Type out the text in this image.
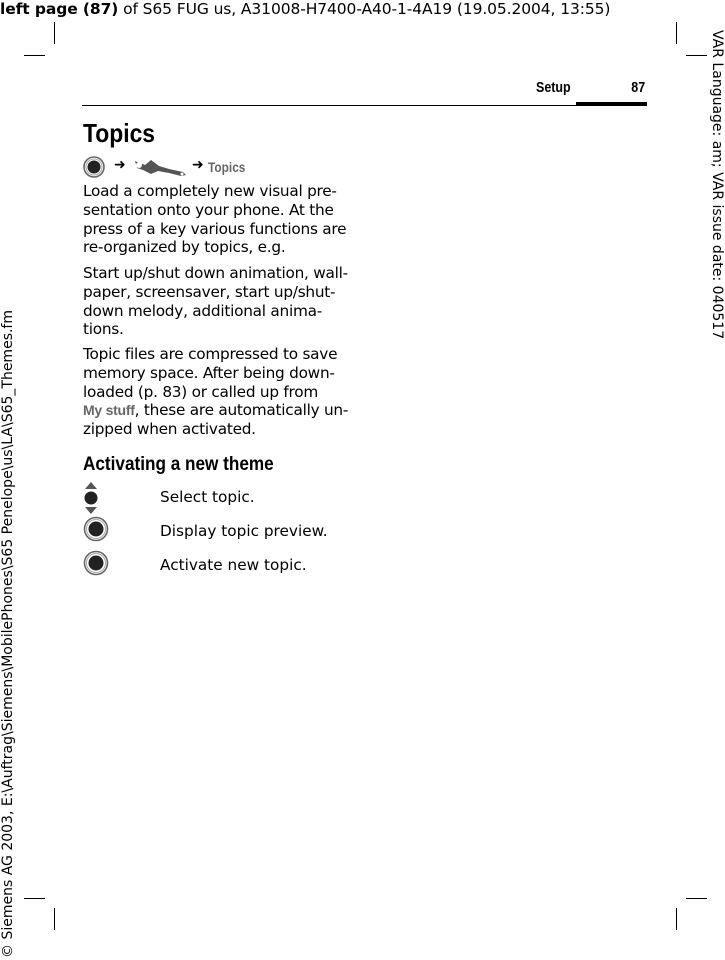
left page (87) of S65 FUG us, A31008-H7400-A40-1-4A19 (19.05.2004, 13:55)
VAR Language: am; VAR issue date: 040517
© Siemens AG 2003, E:\Auftrag\Siemens\MobilePhones\S65 Penelope\us\LA\S65_Themes.fm
Setup	87
Topics
➜	➜ Topics
Load a completely new visual pre-
sentation onto your phone. At the
press of a key various functions are
re-organized by topics, e.g.
Start up/shut down animation, wall-
paper, screensaver, start up/shut-
down melody, additional anima-
tions.
Topic files are compressed to save
memory space. After being down-
loaded (p. 83) or called up from
My stuff, these are automatically un-
zipped when activated.
Activating a new theme
Select topic.
Display topic preview.
Activate new topic.
